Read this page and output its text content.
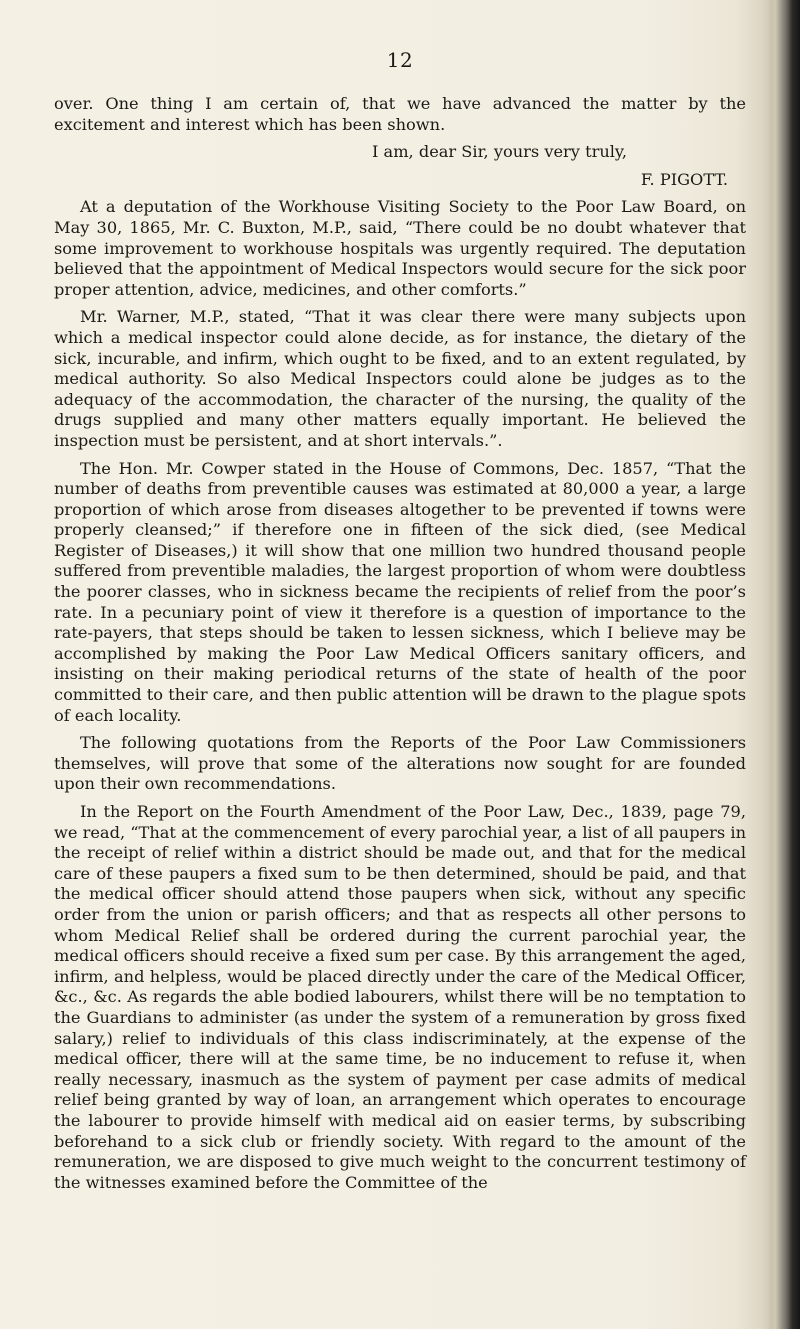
12

over. One thing I am certain of, that we have advanced the matter by the excitement and interest which has been shown.

I am, dear Sir, yours very truly,

F. PIGOTT.

At a deputation of the Workhouse Visiting Society to the Poor Law Board, on May 30, 1865, Mr. C. Buxton, M.P., said, “There could be no doubt whatever that some improvement to workhouse hospitals was urgently required. The deputation believed that the appointment of Medical Inspectors would secure for the sick poor proper attention, advice, medicines, and other comforts.”

Mr. Warner, M.P., stated, “That it was clear there were many subjects upon which a medical inspector could alone decide, as for instance, the dietary of the sick, incurable, and infirm, which ought to be fixed, and to an extent regulated, by medical authority. So also Medical Inspectors could alone be judges as to the adequacy of the accommodation, the character of the nursing, the quality of the drugs supplied and many other matters equally important. He believed the inspection must be persistent, and at short intervals.”.

The Hon. Mr. Cowper stated in the House of Commons, Dec. 1857, “That the number of deaths from preventible causes was estimated at 80,000 a year, a large proportion of which arose from diseases altogether to be prevented if towns were properly cleansed;” if therefore one in fifteen of the sick died, (see Medical Register of Diseases,) it will show that one million two hundred thousand people suffered from preventible maladies, the largest proportion of whom were doubtless the poorer classes, who in sickness became the recipients of relief from the poor’s rate. In a pecuniary point of view it therefore is a question of importance to the rate-payers, that steps should be taken to lessen sickness, which I believe may be accomplished by making the Poor Law Medical Officers sanitary officers, and insisting on their making periodical returns of the state of health of the poor committed to their care, and then public attention will be drawn to the plague spots of each locality.

The following quotations from the Reports of the Poor Law Commissioners themselves, will prove that some of the alterations now sought for are founded upon their own recommendations.

In the Report on the Fourth Amendment of the Poor Law, Dec., 1839, page 79, we read, “That at the commencement of every parochial year, a list of all paupers in the receipt of relief within a district should be made out, and that for the medical care of these paupers a fixed sum to be then determined, should be paid, and that the medical officer should attend those paupers when sick, without any specific order from the union or parish officers; and that as respects all other persons to whom Medical Relief shall be ordered during the current parochial year, the medical officers should receive a fixed sum per case. By this arrangement the aged, infirm, and helpless, would be placed directly under the care of the Medical Officer, &c., &c. As regards the able bodied labourers, whilst there will be no temptation to the Guardians to administer (as under the system of a remuneration by gross fixed salary,) relief to individuals of this class indiscriminately, at the expense of the medical officer, there will at the same time, be no inducement to refuse it, when really necessary, inasmuch as the system of payment per case admits of medical relief being granted by way of loan, an arrangement which operates to encourage the labourer to provide himself with medical aid on easier terms, by subscribing beforehand to a sick club or friendly society. With regard to the amount of the remuneration, we are disposed to give much weight to the concurrent testimony of the witnesses examined before the Committee of the
